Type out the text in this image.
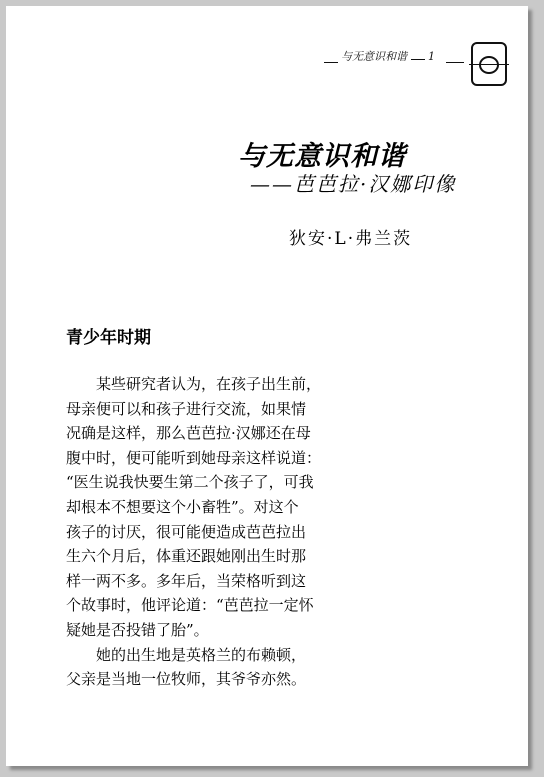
与无意识和谐 1
与无意识和谐
——芭芭拉·汉娜印像
狄安·L·弗兰茨
青少年时期

某些研究者认为，在孩子出生前，
母亲便可以和孩子进行交流，如果情
况确是这样，那么芭芭拉·汉娜还在母
腹中时，便可能听到她母亲这样说道：
“医生说我快要生第二个孩子了，可我
却根本不想要这个小畜牲”。对这个
孩子的讨厌，很可能便造成芭芭拉出
生六个月后，体重还跟她刚出生时那
样一两不多。多年后，当荣格听到这
个故事时，他评论道：“芭芭拉一定怀
疑她是否投错了胎”。

她的出生地是英格兰的布赖顿，
父亲是当地一位牧师，其爷爷亦然。
